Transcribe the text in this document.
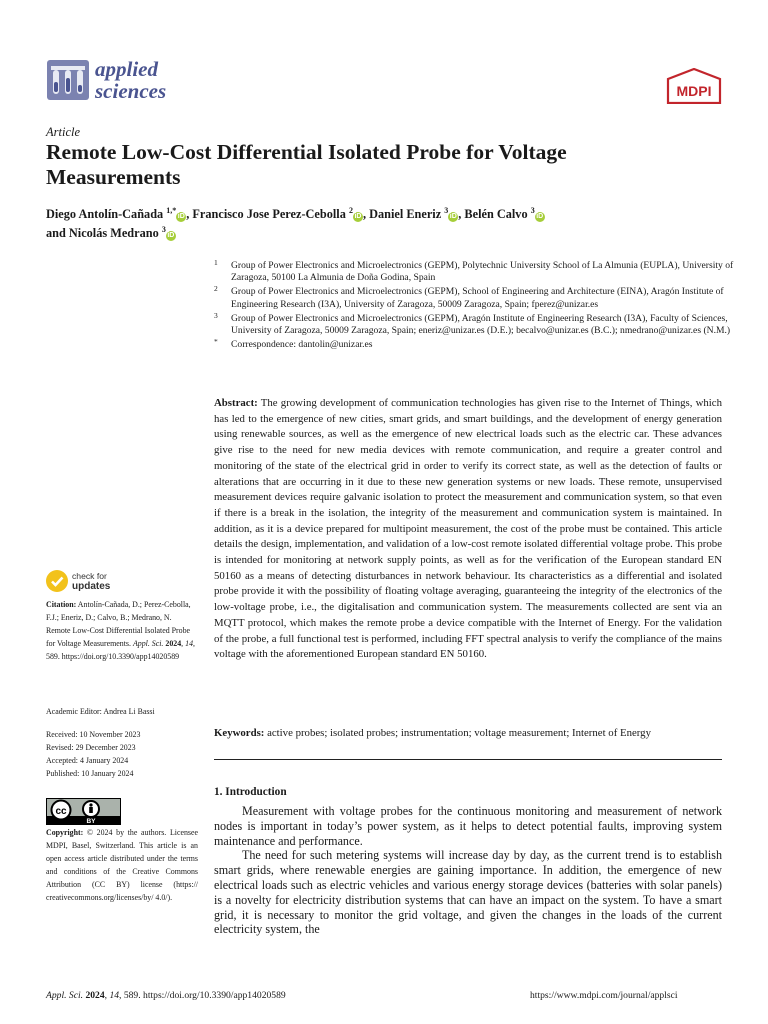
applied
sciences	MDPI
Article
Remote Low-Cost Differential Isolated Probe for Voltage Measurements
Diego Antolín-Cañada $^{1,*}$iD , Francisco Jose Perez-Cebolla $^2$iD , Daniel Eneriz $^3$iD , Belén Calvo $^3$iD
and Nicolás Medrano $^3$iD
1 Group of Power Electronics and Microelectronics (GEPM), Polytechnic University School of La Almunia (EUPLA), University of Zaragoza, 50100 La Almunia de Doña Godina, Spain
2 Group of Power Electronics and Microelectronics (GEPM), School of Engineering and Architecture (EINA), Aragón Institute of Engineering Research (I3A), University of Zaragoza, 50009 Zaragoza, Spain; fperez@unizar.es
3 Group of Power Electronics and Microelectronics (GEPM), Aragón Institute of Engineering Research (I3A), Faculty of Sciences, University of Zaragoza, 50009 Zaragoza, Spain; eneriz@unizar.es (D.E.); becalvo@unizar.es (B.C.); nmedrano@unizar.es (N.M.)
* Correspondence: dantolin@unizar.es
Abstract: The growing development of communication technologies has given rise to the Internet of Things, which has led to the emergence of new cities, smart grids, and smart buildings, and the development of energy generation using renewable sources, as well as the emergence of new electrical loads such as the electric car. These advances give rise to the need for new media devices with remote communication, and require a greater control and monitoring of the state of the electrical grid in order to verify its correct state, as well as the detection of faults or alterations that are occurring in it due to these new generation systems or new loads. These remote, unsupervised measurement devices require galvanic isolation to protect the measurement and communication system, so that even if there is a break in the isolation, the integrity of the measurement and communication system is maintained. In addition, as it is a device prepared for multipoint measurement, the cost of the probe must be contained. This article details the design, implementation, and validation of a low-cost remote isolated differential voltage probe. This probe is intended for monitoring at network supply points, as well as for the verification of the European standard EN 50160 as a means of detecting disturbances in network behaviour. Its characteristics as a differential and isolated probe provide it with the possibility of floating voltage averaging, guaranteeing the integrity of the electronics of the low-voltage probe, i.e., the digitalisation and communication system. The measurements collected are sent via an MQTT protocol, which makes the remote probe a device compatible with the Internet of Energy. For the validation of the probe, a full functional test is performed, including FFT spectral analysis to verify the compliance of the mains voltage with the aforementioned European standard EN 50160.
Keywords: active probes; isolated probes; instrumentation; voltage measurement; Internet of Energy
1. Introduction

Measurement with voltage probes for the continuous monitoring and measurement of network nodes is important in today’s power system, as it helps to detect potential faults, improving system maintenance and performance.

The need for such metering systems will increase day by day, as the current trend is to establish smart grids, where renewable energies are gaining importance. In addition, the emergence of new electrical loads such as electric vehicles and various energy storage devices (batteries with solar panels) is a novelty for electricity distribution systems that can have an impact on the system. To have a smart grid, it is necessary to monitor the grid voltage, and given the changes in the loads of the current electricity system, the

check for
updates
Citation: Antolín-Cañada, D.; Perez-Cebolla, F.J.; Eneriz, D.; Calvo, B.; Medrano, N. Remote Low-Cost Differential Isolated Probe for Voltage Measurements. Appl. Sci. 2024, 14, 589. https://doi.org/10.3390/app14020589
Academic Editor: Andrea Li Bassi
Received: 10 November 2023
Revised: 29 December 2023
Accepted: 4 January 2024
Published: 10 January 2024
cc
BY
Copyright: © 2024 by the authors. Licensee MDPI, Basel, Switzerland. This article is an open access article distributed under the terms and conditions of the Creative Commons Attribution (CC BY) license (https:// creativecommons.org/licenses/by/ 4.0/).
Appl. Sci. 2024, 14, 589. https://doi.org/10.3390/app14020589	https://www.mdpi.com/journal/applsci
